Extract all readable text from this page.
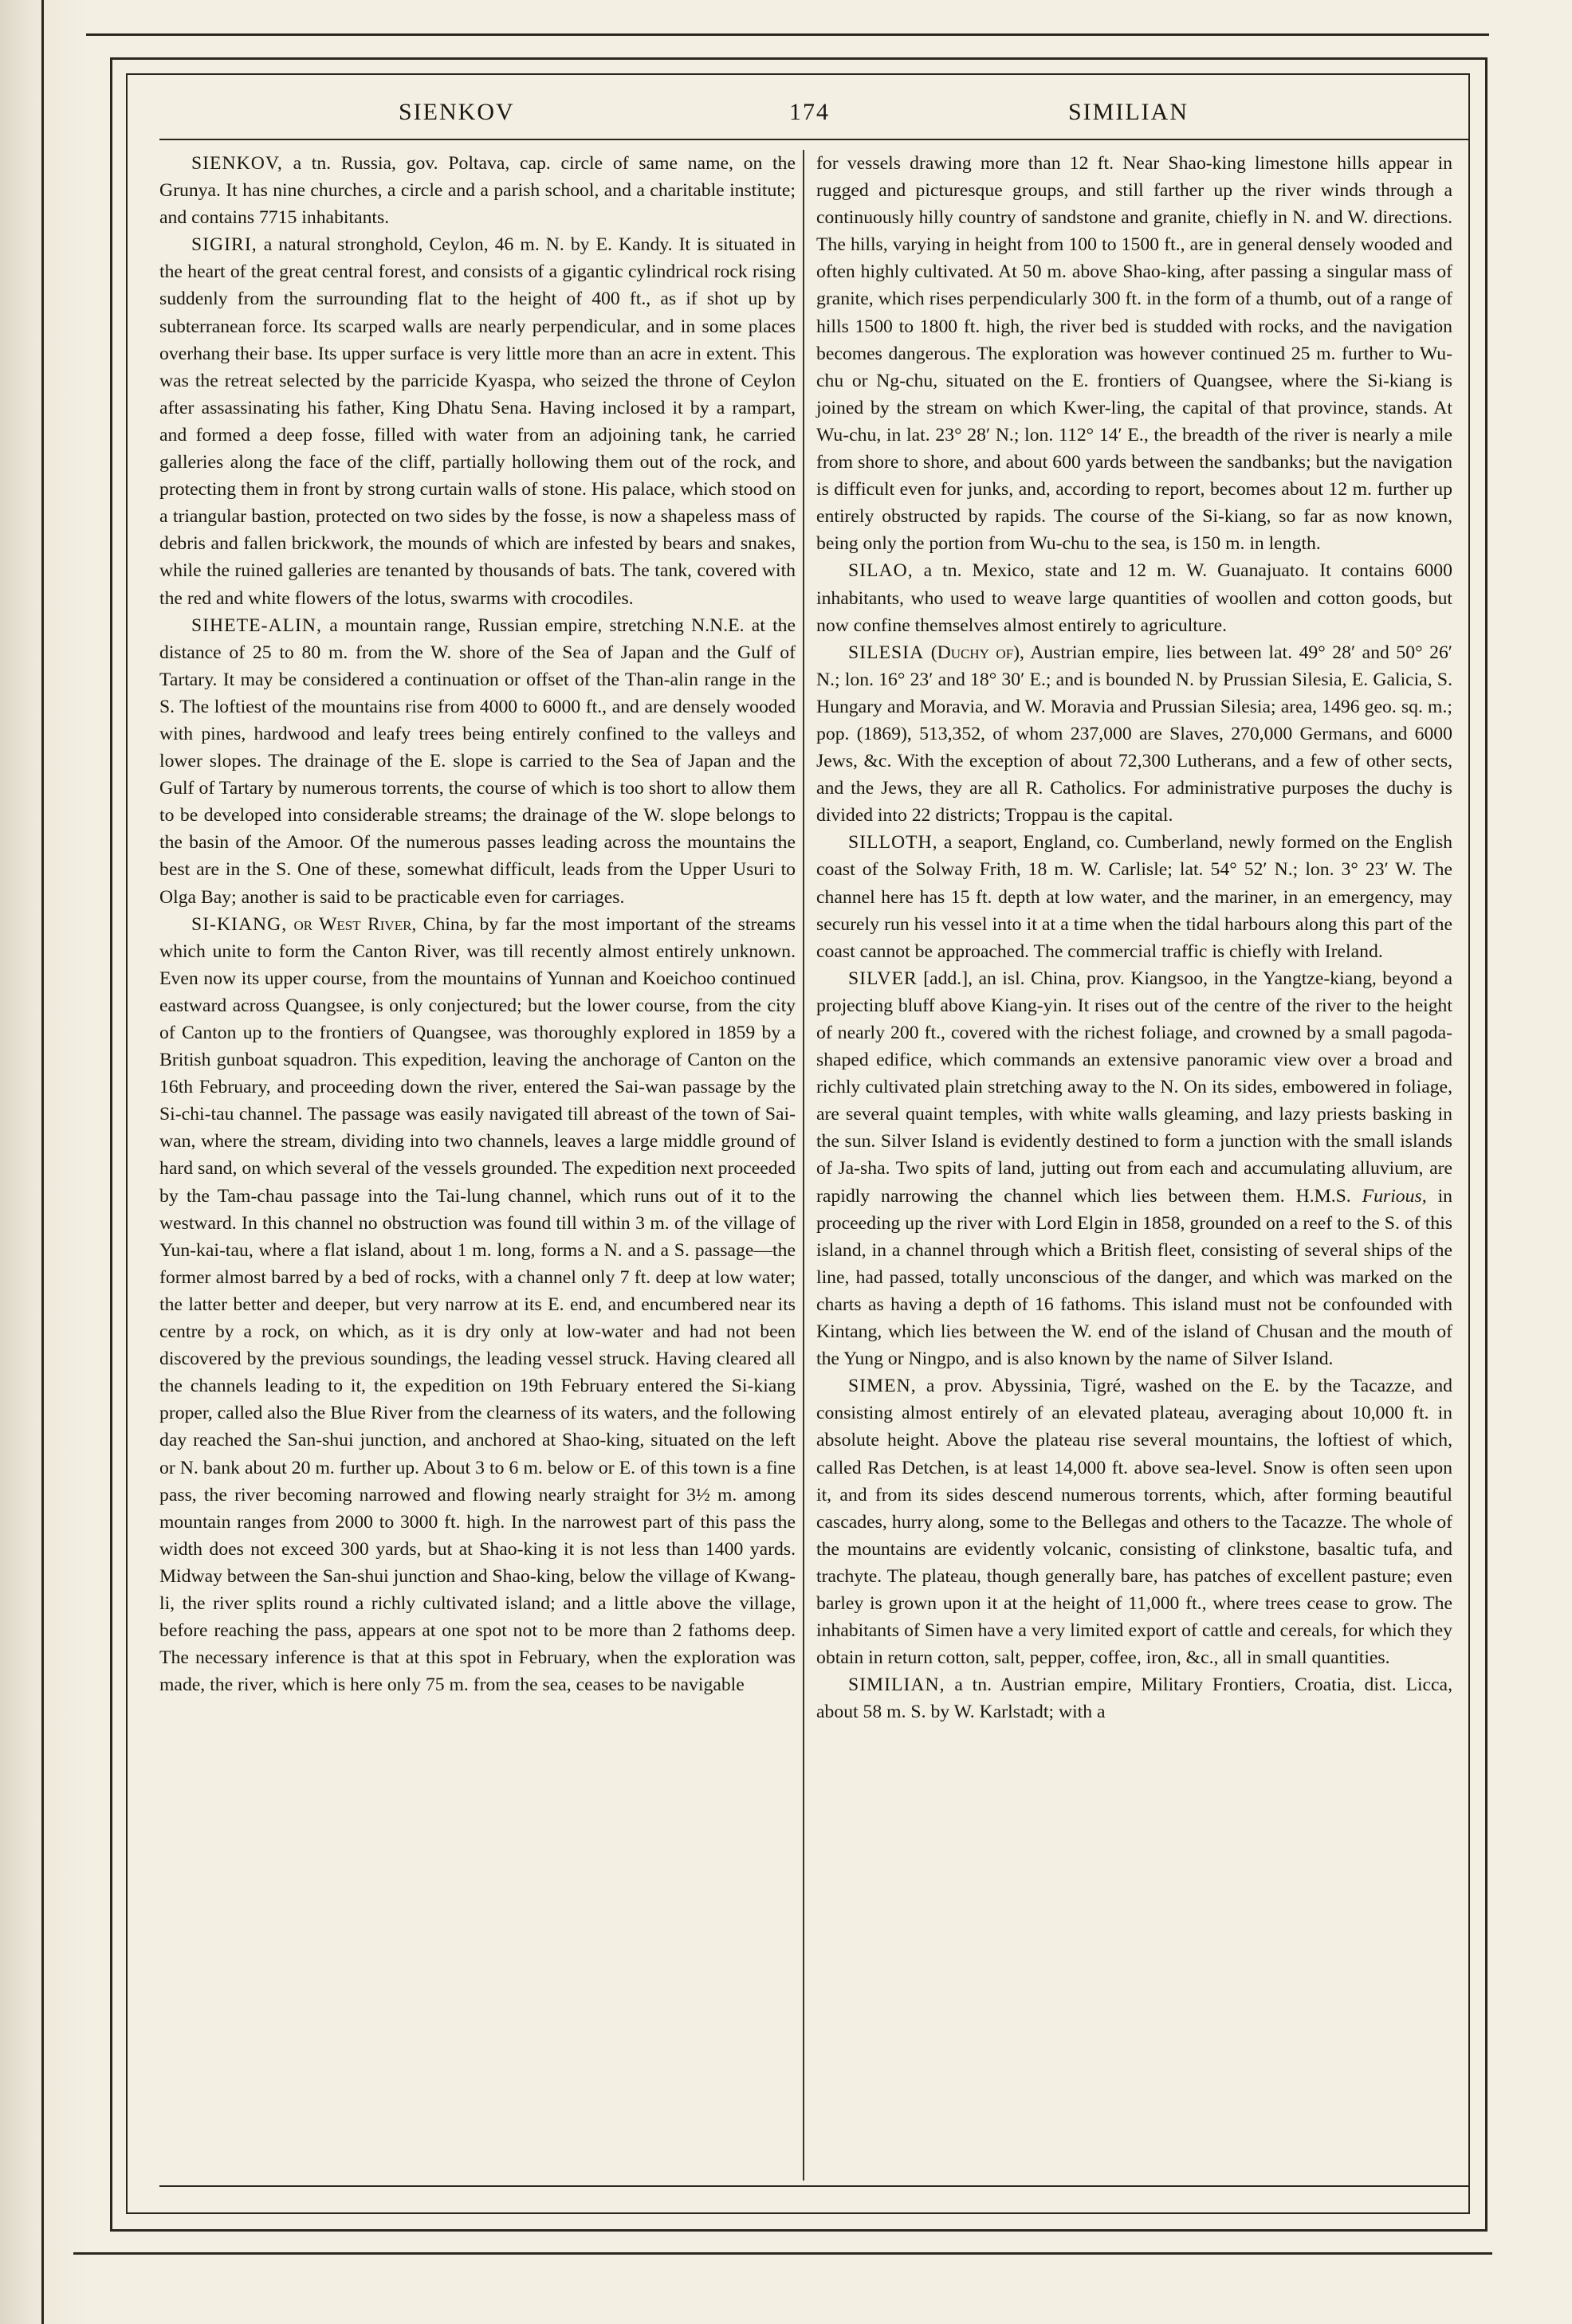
SIENKOV	174	SIMILIAN

SIENKOV, a tn. Russia, gov. Poltava, cap. circle of same name, on the Grunya. It has nine churches, a circle and a parish school, and a charitable institute; and contains 7715 inhabitants.

SIGIRI, a natural stronghold, Ceylon, 46 m. N. by E. Kandy. It is situated in the heart of the great central forest, and consists of a gigantic cylindrical rock rising suddenly from the surrounding flat to the height of 400 ft., as if shot up by subterranean force. Its scarped walls are nearly perpendicular, and in some places overhang their base. Its upper surface is very little more than an acre in extent. This was the retreat selected by the parricide Kyaspa, who seized the throne of Ceylon after assassinating his father, King Dhatu Sena. Having inclosed it by a rampart, and formed a deep fosse, filled with water from an adjoining tank, he carried galleries along the face of the cliff, partially hollowing them out of the rock, and protecting them in front by strong curtain walls of stone. His palace, which stood on a triangular bastion, protected on two sides by the fosse, is now a shapeless mass of debris and fallen brickwork, the mounds of which are infested by bears and snakes, while the ruined galleries are tenanted by thousands of bats. The tank, covered with the red and white flowers of the lotus, swarms with crocodiles.

SIHETE-ALIN, a mountain range, Russian empire, stretching N.N.E. at the distance of 25 to 80 m. from the W. shore of the Sea of Japan and the Gulf of Tartary. It may be considered a continuation or offset of the Than-alin range in the S. The loftiest of the mountains rise from 4000 to 6000 ft., and are densely wooded with pines, hardwood and leafy trees being entirely confined to the valleys and lower slopes. The drainage of the E. slope is carried to the Sea of Japan and the Gulf of Tartary by numerous torrents, the course of which is too short to allow them to be developed into considerable streams; the drainage of the W. slope belongs to the basin of the Amoor. Of the numerous passes leading across the mountains the best are in the S. One of these, somewhat difficult, leads from the Upper Usuri to Olga Bay; another is said to be practicable even for carriages.

SI-KIANG, or West River, China, by far the most important of the streams which unite to form the Canton River, was till recently almost entirely unknown. Even now its upper course, from the mountains of Yunnan and Koeichoo continued eastward across Quangsee, is only conjectured; but the lower course, from the city of Canton up to the frontiers of Quangsee, was thoroughly explored in 1859 by a British gunboat squadron. This expedition, leaving the anchorage of Canton on the 16th February, and proceeding down the river, entered the Sai-wan passage by the Si-chi-tau channel. The passage was easily navigated till abreast of the town of Sai-wan, where the stream, dividing into two channels, leaves a large middle ground of hard sand, on which several of the vessels grounded. The expedition next proceeded by the Tam-chau passage into the Tai-lung channel, which runs out of it to the westward. In this channel no obstruction was found till within 3 m. of the village of Yun-kai-tau, where a flat island, about 1 m. long, forms a N. and a S. passage—the former almost barred by a bed of rocks, with a channel only 7 ft. deep at low water; the latter better and deeper, but very narrow at its E. end, and encumbered near its centre by a rock, on which, as it is dry only at low-water and had not been discovered by the previous soundings, the leading vessel struck. Having cleared all the channels leading to it, the expedition on 19th February entered the Si-kiang proper, called also the Blue River from the clearness of its waters, and the following day reached the San-shui junction, and anchored at Shao-king, situated on the left or N. bank about 20 m. further up. About 3 to 6 m. below or E. of this town is a fine pass, the river becoming narrowed and flowing nearly straight for 3½ m. among mountain ranges from 2000 to 3000 ft. high. In the narrowest part of this pass the width does not exceed 300 yards, but at Shao-king it is not less than 1400 yards. Midway between the San-shui junction and Shao-king, below the village of Kwang-li, the river splits round a richly cultivated island; and a little above the village, before reaching the pass, appears at one spot not to be more than 2 fathoms deep. The necessary inference is that at this spot in February, when the exploration was made, the river, which is here only 75 m. from the sea, ceases to be navigable

for vessels drawing more than 12 ft. Near Shao-king limestone hills appear in rugged and picturesque groups, and still farther up the river winds through a continuously hilly country of sandstone and granite, chiefly in N. and W. directions. The hills, varying in height from 100 to 1500 ft., are in general densely wooded and often highly cultivated. At 50 m. above Shao-king, after passing a singular mass of granite, which rises perpendicularly 300 ft. in the form of a thumb, out of a range of hills 1500 to 1800 ft. high, the river bed is studded with rocks, and the navigation becomes dangerous. The exploration was however continued 25 m. further to Wu-chu or Ng-chu, situated on the E. frontiers of Quangsee, where the Si-kiang is joined by the stream on which Kwer-ling, the capital of that province, stands. At Wu-chu, in lat. 23° 28′ N.; lon. 112° 14′ E., the breadth of the river is nearly a mile from shore to shore, and about 600 yards between the sandbanks; but the navigation is difficult even for junks, and, according to report, becomes about 12 m. further up entirely obstructed by rapids. The course of the Si-kiang, so far as now known, being only the portion from Wu-chu to the sea, is 150 m. in length.

SILAO, a tn. Mexico, state and 12 m. W. Guanajuato. It contains 6000 inhabitants, who used to weave large quantities of woollen and cotton goods, but now confine themselves almost entirely to agriculture.

SILESIA (Duchy of), Austrian empire, lies between lat. 49° 28′ and 50° 26′ N.; lon. 16° 23′ and 18° 30′ E.; and is bounded N. by Prussian Silesia, E. Galicia, S. Hungary and Moravia, and W. Moravia and Prussian Silesia; area, 1496 geo. sq. m.; pop. (1869), 513,352, of whom 237,000 are Slaves, 270,000 Germans, and 6000 Jews, &c. With the exception of about 72,300 Lutherans, and a few of other sects, and the Jews, they are all R. Catholics. For administrative purposes the duchy is divided into 22 districts; Troppau is the capital.

SILLOTH, a seaport, England, co. Cumberland, newly formed on the English coast of the Solway Frith, 18 m. W. Carlisle; lat. 54° 52′ N.; lon. 3° 23′ W. The channel here has 15 ft. depth at low water, and the mariner, in an emergency, may securely run his vessel into it at a time when the tidal harbours along this part of the coast cannot be approached. The commercial traffic is chiefly with Ireland.

SILVER [add.], an isl. China, prov. Kiangsoo, in the Yangtze-kiang, beyond a projecting bluff above Kiang-yin. It rises out of the centre of the river to the height of nearly 200 ft., covered with the richest foliage, and crowned by a small pagoda-shaped edifice, which commands an extensive panoramic view over a broad and richly cultivated plain stretching away to the N. On its sides, embowered in foliage, are several quaint temples, with white walls gleaming, and lazy priests basking in the sun. Silver Island is evidently destined to form a junction with the small islands of Ja-sha. Two spits of land, jutting out from each and accumulating alluvium, are rapidly narrowing the channel which lies between them. H.M.S. Furious, in proceeding up the river with Lord Elgin in 1858, grounded on a reef to the S. of this island, in a channel through which a British fleet, consisting of several ships of the line, had passed, totally unconscious of the danger, and which was marked on the charts as having a depth of 16 fathoms. This island must not be confounded with Kintang, which lies between the W. end of the island of Chusan and the mouth of the Yung or Ningpo, and is also known by the name of Silver Island.

SIMEN, a prov. Abyssinia, Tigré, washed on the E. by the Tacazze, and consisting almost entirely of an elevated plateau, averaging about 10,000 ft. in absolute height. Above the plateau rise several mountains, the loftiest of which, called Ras Detchen, is at least 14,000 ft. above sea-level. Snow is often seen upon it, and from its sides descend numerous torrents, which, after forming beautiful cascades, hurry along, some to the Bellegas and others to the Tacazze. The whole of the mountains are evidently volcanic, consisting of clinkstone, basaltic tufa, and trachyte. The plateau, though generally bare, has patches of excellent pasture; even barley is grown upon it at the height of 11,000 ft., where trees cease to grow. The inhabitants of Simen have a very limited export of cattle and cereals, for which they obtain in return cotton, salt, pepper, coffee, iron, &c., all in small quantities.

SIMILIAN, a tn. Austrian empire, Military Frontiers, Croatia, dist. Licca, about 58 m. S. by W. Karlstadt; with a
